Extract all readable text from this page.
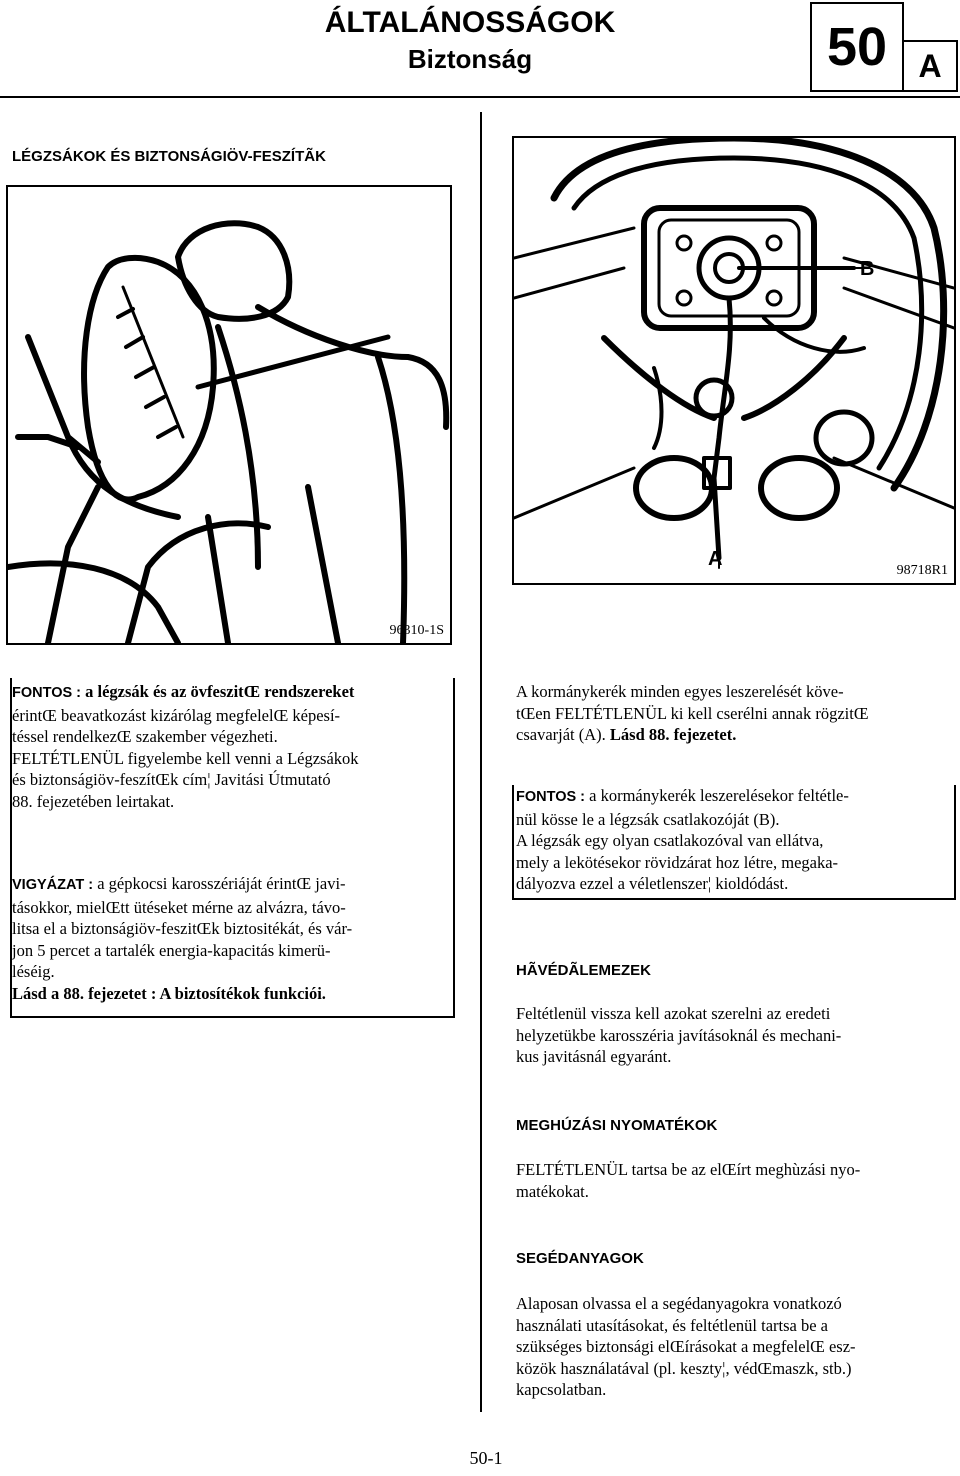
ÁLTALÁNOSSÁGOK
Biztonság	50 A
LÉGZSÁKOK ÉS BIZTONSÁGIÖV-FESZÍTÃK
96310-1S
FONTOS : a légzsák és az övfeszitŒ rendszereket
érintŒ beavatkozást kizárólag megfelelŒ képesí-
téssel rendelkezŒ szakember végezheti.
FELTÉTLENÜL figyelembe kell venni a Légzsákok
és biztonságiöv-feszítŒk cím¦ Javitási Útmutató
88. fejezetében leirtakat.
VIGYÁZAT : a gépkocsi karosszériáját érintŒ javi-
tásokkor, mielŒtt ütéseket mérne az alvázra, távo-
litsa el a biztonságiöv-feszitŒk biztositékát, és vár-
jon 5 percet a tartalék energia-kapacitás kimerü-
léséig.
Lásd a 88. fejezetet : A biztosítékok funkciói.
B
A
98718R1
A kormánykerék minden egyes leszerelését köve-
tŒen FELTÉTLENÜL ki kell cserélni annak rögzitŒ
csavarját (A). Lásd 88. fejezetet.
FONTOS : a kormánykerék leszerelésekor feltétle-
nül kösse le a légzsák csatlakozóját (B).
A légzsák egy olyan csatlakozóval van ellátva,
mely a lekötésekor rövidzárat hoz létre, megaka-
dályozva ezzel a véletlenszer¦ kioldódást.
HÃVÉDÃLEMEZEK
Feltétlenül vissza kell azokat szerelni az eredeti
helyzetükbe karosszéria javításoknál és mechani-
kus javitásnál egyaránt.
MEGHÚZÁSI NYOMATÉKOK
FELTÉTLENÜL tartsa be az elŒírt meghùzási nyo-
matékokat.
SEGÉDANYAGOK
Alaposan olvassa el a segédanyagokra vonatkozó
használati utasításokat, és feltétlenül tartsa be a
szükséges biztonsági elŒírásokat a megfelelŒ esz-
közök használatával (pl. keszty¦, védŒmaszk, stb.)
kapcsolatban.
50-1
